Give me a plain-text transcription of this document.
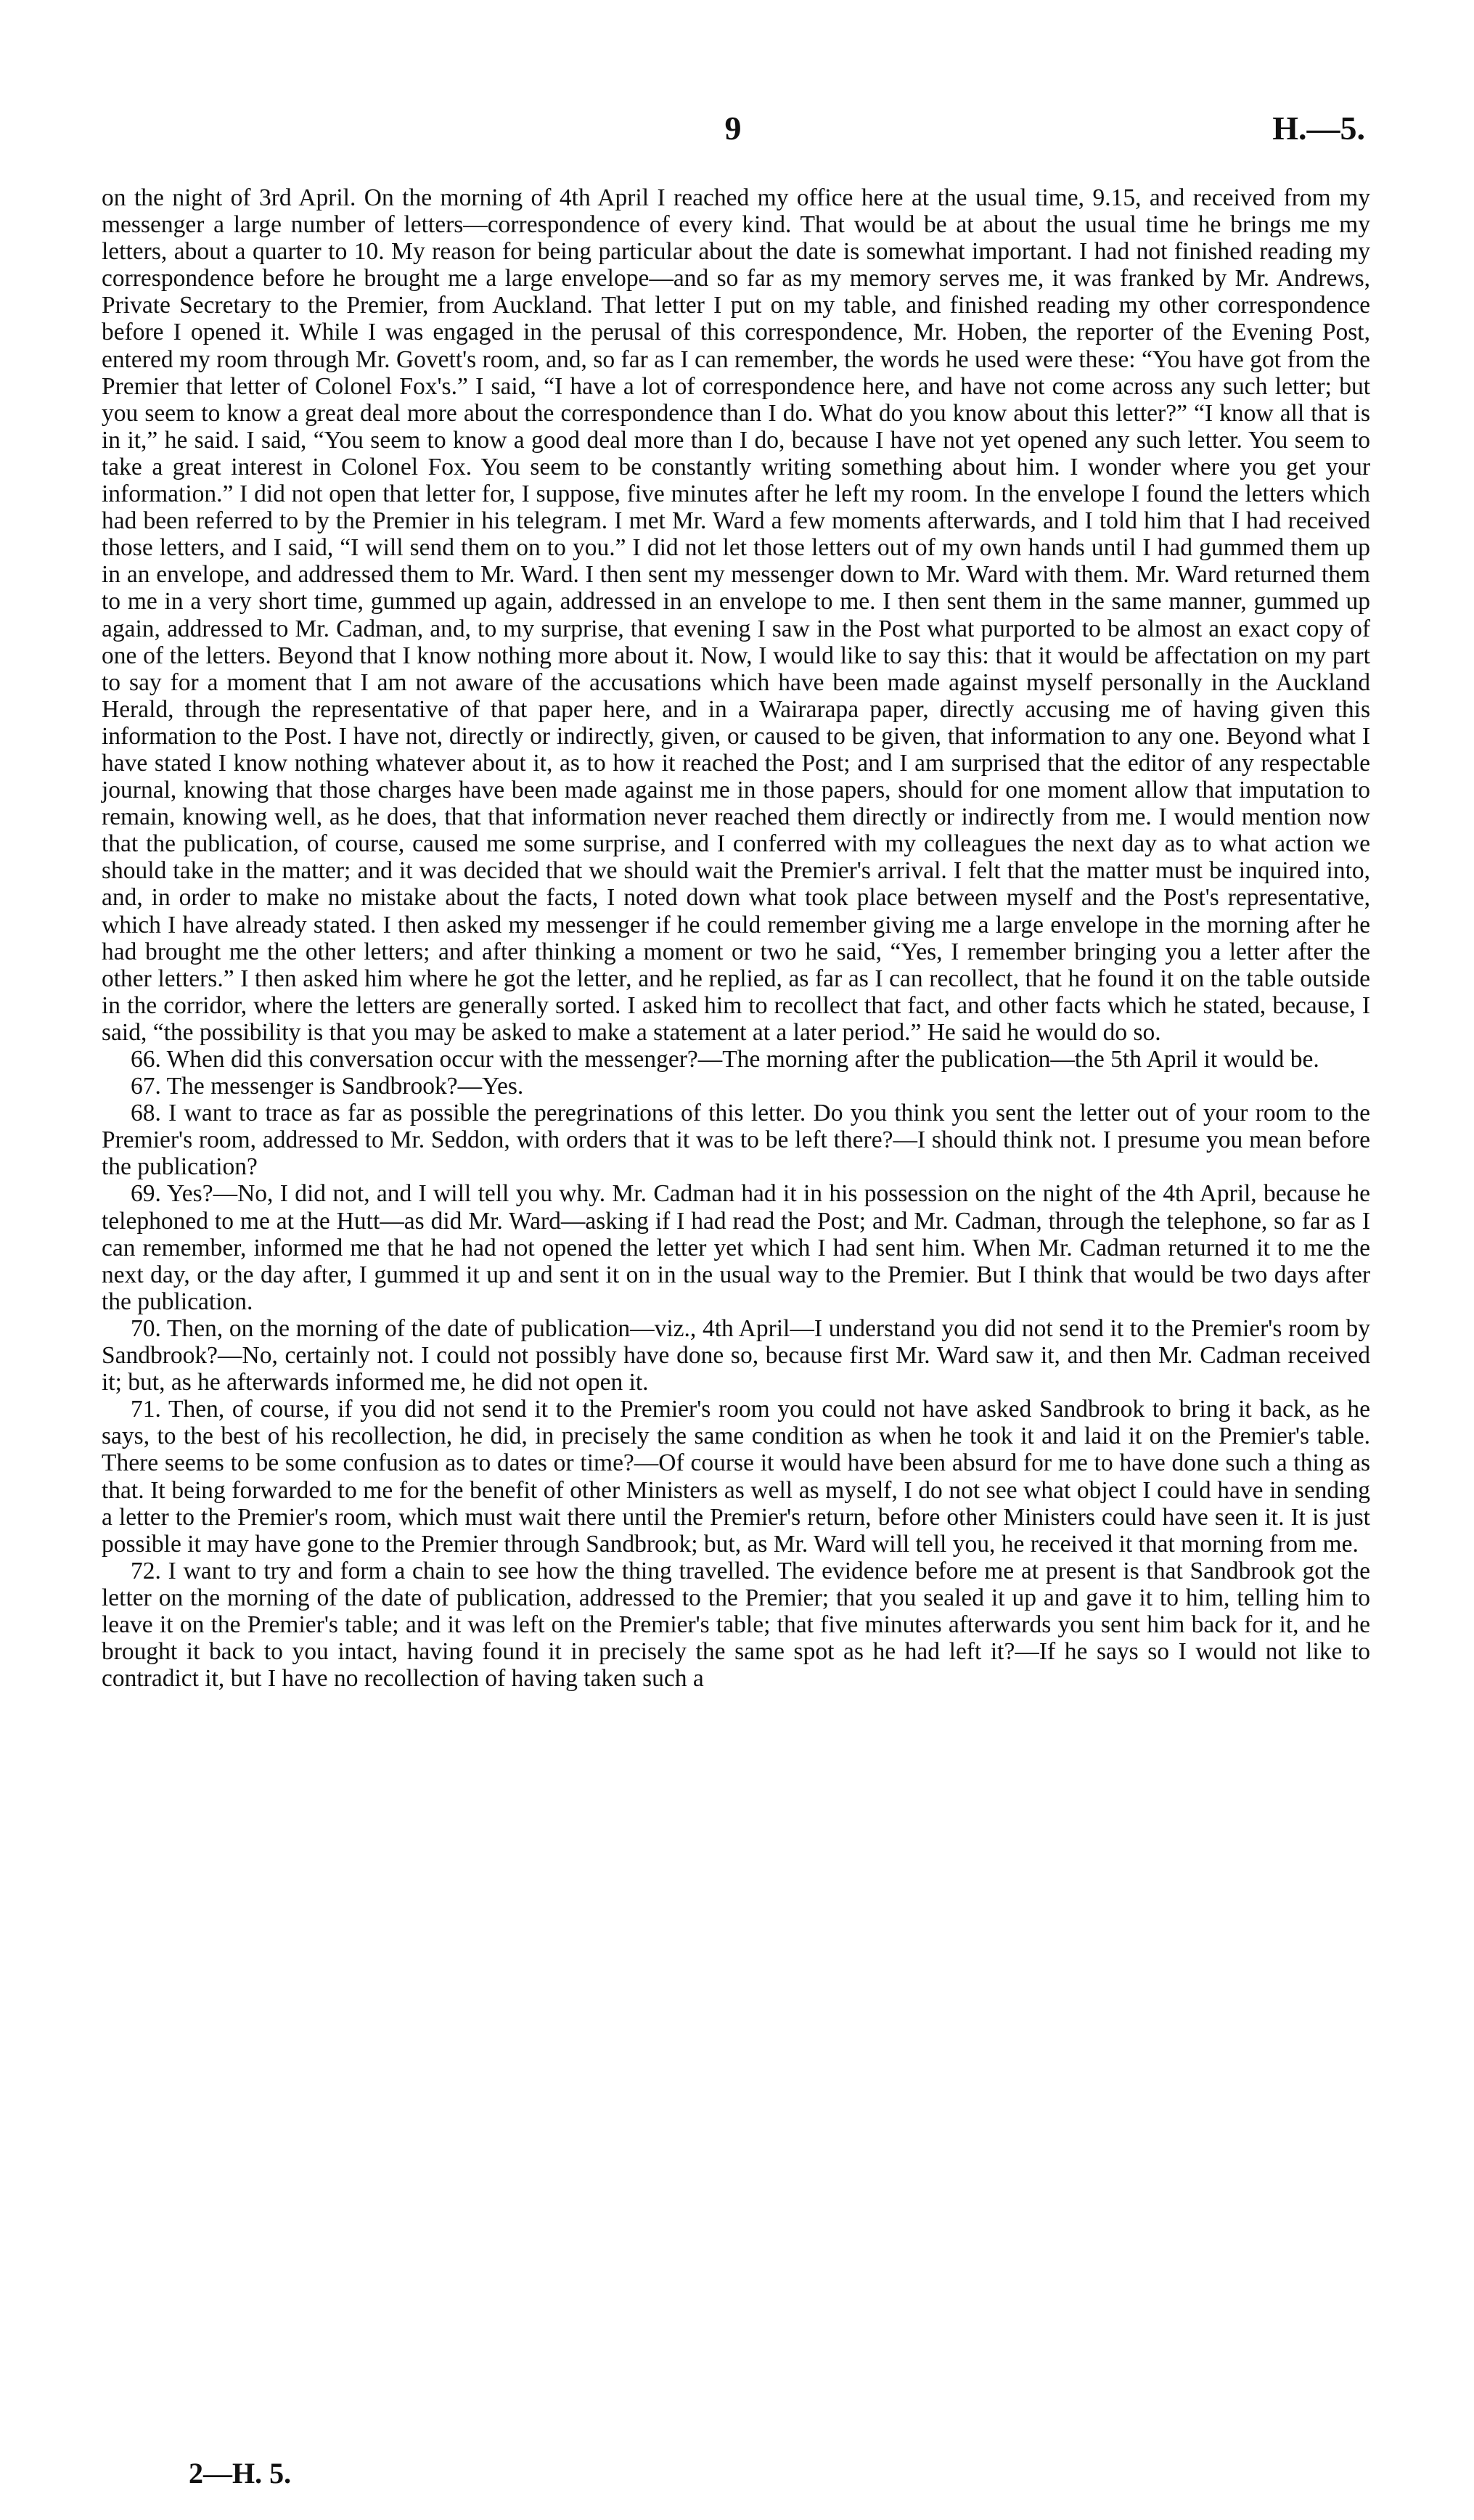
9	H.—5.

on the night of 3rd April. On the morning of 4th April I reached my office here at the usual time, 9.15, and received from my messenger a large number of letters—correspondence of every kind. That would be at about the usual time he brings me my letters, about a quarter to 10. My reason for being particular about the date is somewhat important. I had not finished reading my correspondence before he brought me a large envelope—and so far as my memory serves me, it was franked by Mr. Andrews, Private Secretary to the Premier, from Auckland. That letter I put on my table, and finished reading my other correspondence before I opened it. While I was engaged in the perusal of this correspondence, Mr. Hoben, the reporter of the Evening Post, entered my room through Mr. Govett's room, and, so far as I can remember, the words he used were these: “You have got from the Premier that letter of Colonel Fox's.” I said, “I have a lot of correspondence here, and have not come across any such letter; but you seem to know a great deal more about the correspondence than I do. What do you know about this letter?” “I know all that is in it,” he said. I said, “You seem to know a good deal more than I do, because I have not yet opened any such letter. You seem to take a great interest in Colonel Fox. You seem to be constantly writing something about him. I wonder where you get your information.” I did not open that letter for, I suppose, five minutes after he left my room. In the envelope I found the letters which had been referred to by the Premier in his telegram. I met Mr. Ward a few moments afterwards, and I told him that I had received those letters, and I said, “I will send them on to you.” I did not let those letters out of my own hands until I had gummed them up in an envelope, and addressed them to Mr. Ward. I then sent my messenger down to Mr. Ward with them. Mr. Ward returned them to me in a very short time, gummed up again, addressed in an envelope to me. I then sent them in the same manner, gummed up again, addressed to Mr. Cadman, and, to my surprise, that evening I saw in the Post what purported to be almost an exact copy of one of the letters. Beyond that I know nothing more about it. Now, I would like to say this: that it would be affectation on my part to say for a moment that I am not aware of the accusations which have been made against myself personally in the Auckland Herald, through the representative of that paper here, and in a Wairarapa paper, directly accusing me of having given this information to the Post. I have not, directly or indirectly, given, or caused to be given, that information to any one. Beyond what I have stated I know nothing whatever about it, as to how it reached the Post; and I am surprised that the editor of any respectable journal, knowing that those charges have been made against me in those papers, should for one moment allow that imputation to remain, knowing well, as he does, that that information never reached them directly or indirectly from me. I would mention now that the publication, of course, caused me some surprise, and I conferred with my colleagues the next day as to what action we should take in the matter; and it was decided that we should wait the Premier's arrival. I felt that the matter must be inquired into, and, in order to make no mistake about the facts, I noted down what took place between myself and the Post's representative, which I have already stated. I then asked my messenger if he could remember giving me a large envelope in the morning after he had brought me the other letters; and after thinking a moment or two he said, “Yes, I remember bringing you a letter after the other letters.” I then asked him where he got the letter, and he replied, as far as I can recollect, that he found it on the table outside in the corridor, where the letters are generally sorted. I asked him to recollect that fact, and other facts which he stated, because, I said, “the possibility is that you may be asked to make a statement at a later period.” He said he would do so.

66. When did this conversation occur with the messenger?—The morning after the publication—the 5th April it would be.

67. The messenger is Sandbrook?—Yes.

68. I want to trace as far as possible the peregrinations of this letter. Do you think you sent the letter out of your room to the Premier's room, addressed to Mr. Seddon, with orders that it was to be left there?—I should think not. I presume you mean before the publication?

69. Yes?—No, I did not, and I will tell you why. Mr. Cadman had it in his possession on the night of the 4th April, because he telephoned to me at the Hutt—as did Mr. Ward—asking if I had read the Post; and Mr. Cadman, through the telephone, so far as I can remember, informed me that he had not opened the letter yet which I had sent him. When Mr. Cadman returned it to me the next day, or the day after, I gummed it up and sent it on in the usual way to the Premier. But I think that would be two days after the publication.

70. Then, on the morning of the date of publication—viz., 4th April—I understand you did not send it to the Premier's room by Sandbrook?—No, certainly not. I could not possibly have done so, because first Mr. Ward saw it, and then Mr. Cadman received it; but, as he afterwards informed me, he did not open it.

71. Then, of course, if you did not send it to the Premier's room you could not have asked Sandbrook to bring it back, as he says, to the best of his recollection, he did, in precisely the same condition as when he took it and laid it on the Premier's table. There seems to be some confusion as to dates or time?—Of course it would have been absurd for me to have done such a thing as that. It being forwarded to me for the benefit of other Ministers as well as myself, I do not see what object I could have in sending a letter to the Premier's room, which must wait there until the Premier's return, before other Ministers could have seen it. It is just possible it may have gone to the Premier through Sandbrook; but, as Mr. Ward will tell you, he received it that morning from me.

72. I want to try and form a chain to see how the thing travelled. The evidence before me at present is that Sandbrook got the letter on the morning of the date of publication, addressed to the Premier; that you sealed it up and gave it to him, telling him to leave it on the Premier's table; and it was left on the Premier's table; that five minutes afterwards you sent him back for it, and he brought it back to you intact, having found it in precisely the same spot as he had left it?—If he says so I would not like to contradict it, but I have no recollection of having taken such a

2—H. 5.
